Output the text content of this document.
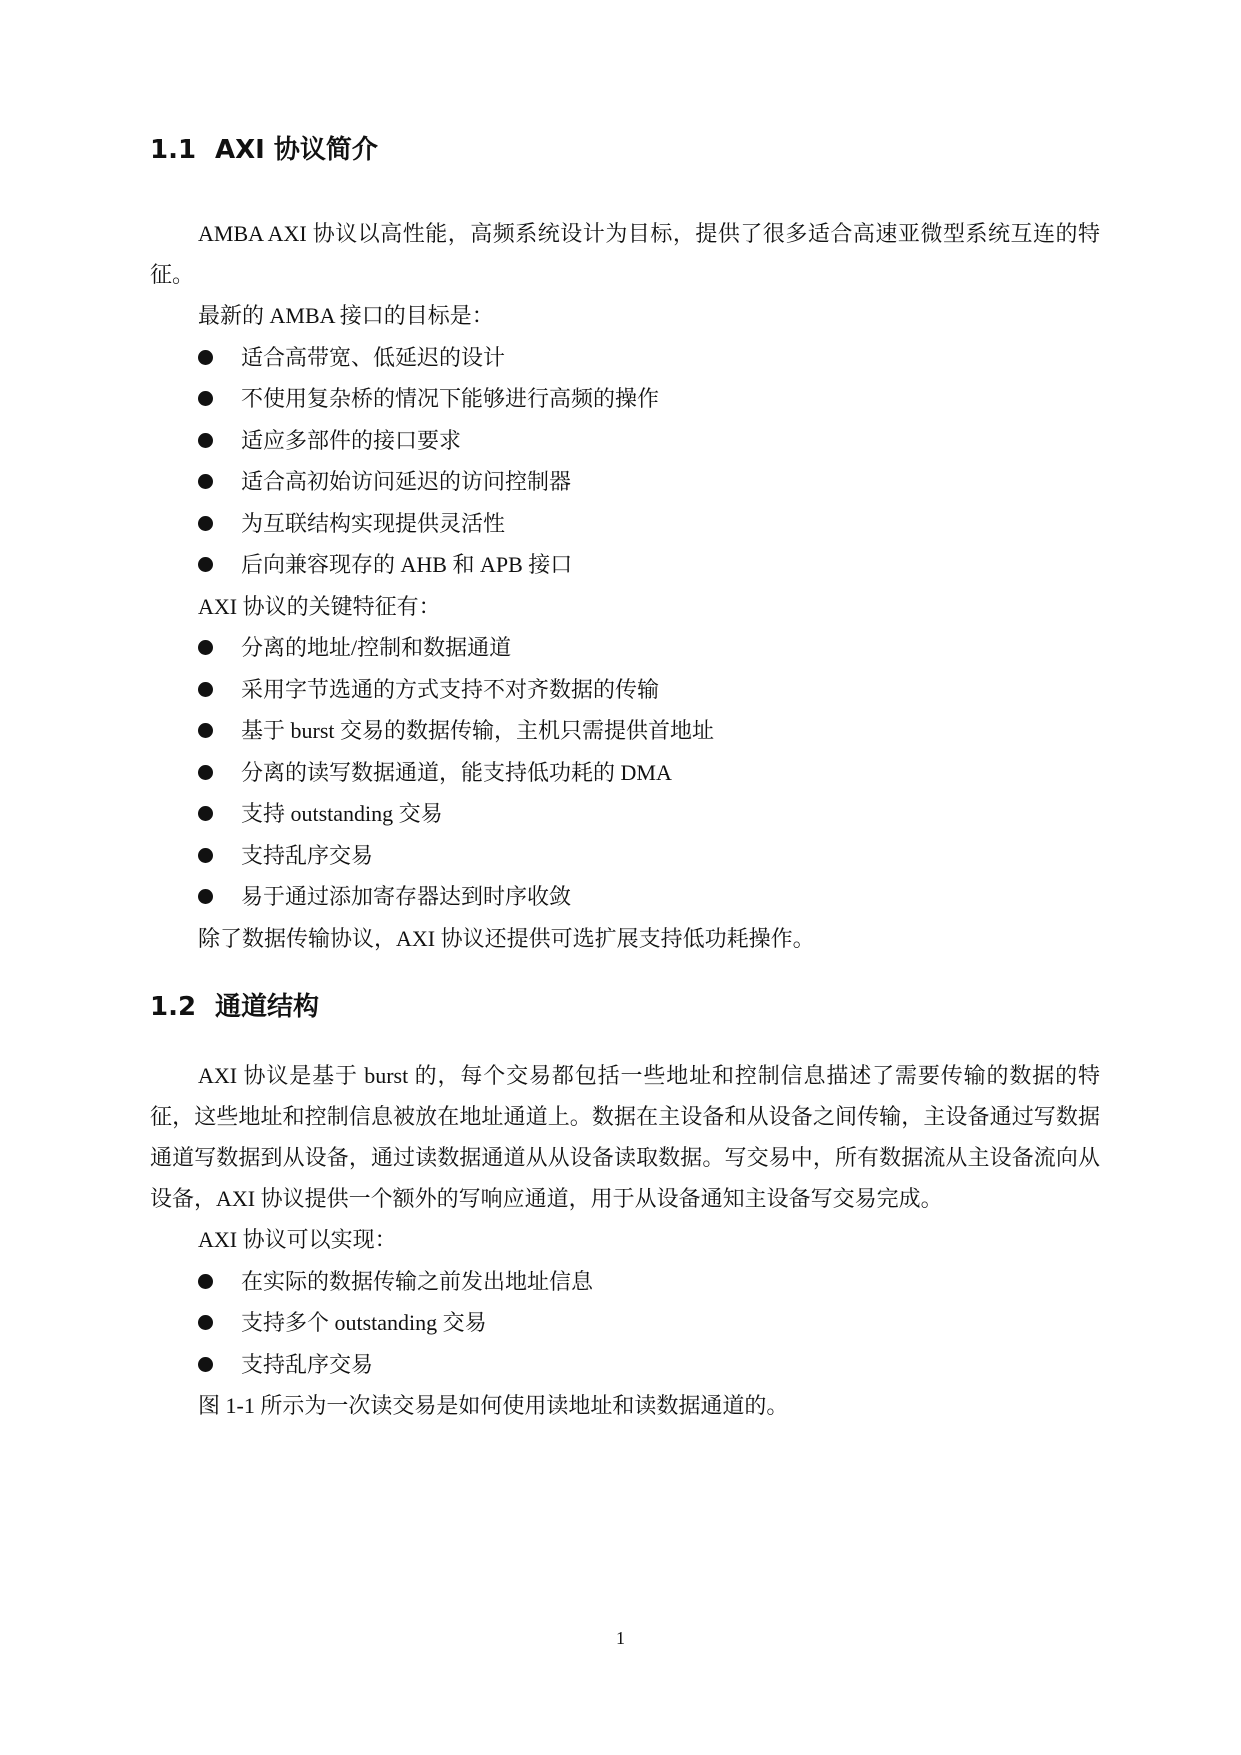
1.1 AXI 协议简介

AMBA AXI 协议以高性能，高频系统设计为目标，提供了很多适合高速亚微型系统互连的特征。

最新的 AMBA 接口的目标是：

适合高带宽、低延迟的设计
不使用复杂桥的情况下能够进行高频的操作
适应多部件的接口要求
适合高初始访问延迟的访问控制器
为互联结构实现提供灵活性
后向兼容现存的 AHB 和 APB 接口

AXI 协议的关键特征有：

分离的地址/控制和数据通道
采用字节选通的方式支持不对齐数据的传输
基于 burst 交易的数据传输，主机只需提供首地址
分离的读写数据通道，能支持低功耗的 DMA
支持 outstanding 交易
支持乱序交易
易于通过添加寄存器达到时序收敛

除了数据传输协议，AXI 协议还提供可选扩展支持低功耗操作。

1.2 通道结构

AXI 协议是基于 burst 的，每个交易都包括一些地址和控制信息描述了需要传输的数据的特征，这些地址和控制信息被放在地址通道上。数据在主设备和从设备之间传输，主设备通过写数据通道写数据到从设备，通过读数据通道从从设备读取数据。写交易中，所有数据流从主设备流向从设备，AXI 协议提供一个额外的写响应通道，用于从设备通知主设备写交易完成。

AXI 协议可以实现：

在实际的数据传输之前发出地址信息
支持多个 outstanding 交易
支持乱序交易

图 1-1 所示为一次读交易是如何使用读地址和读数据通道的。

1
